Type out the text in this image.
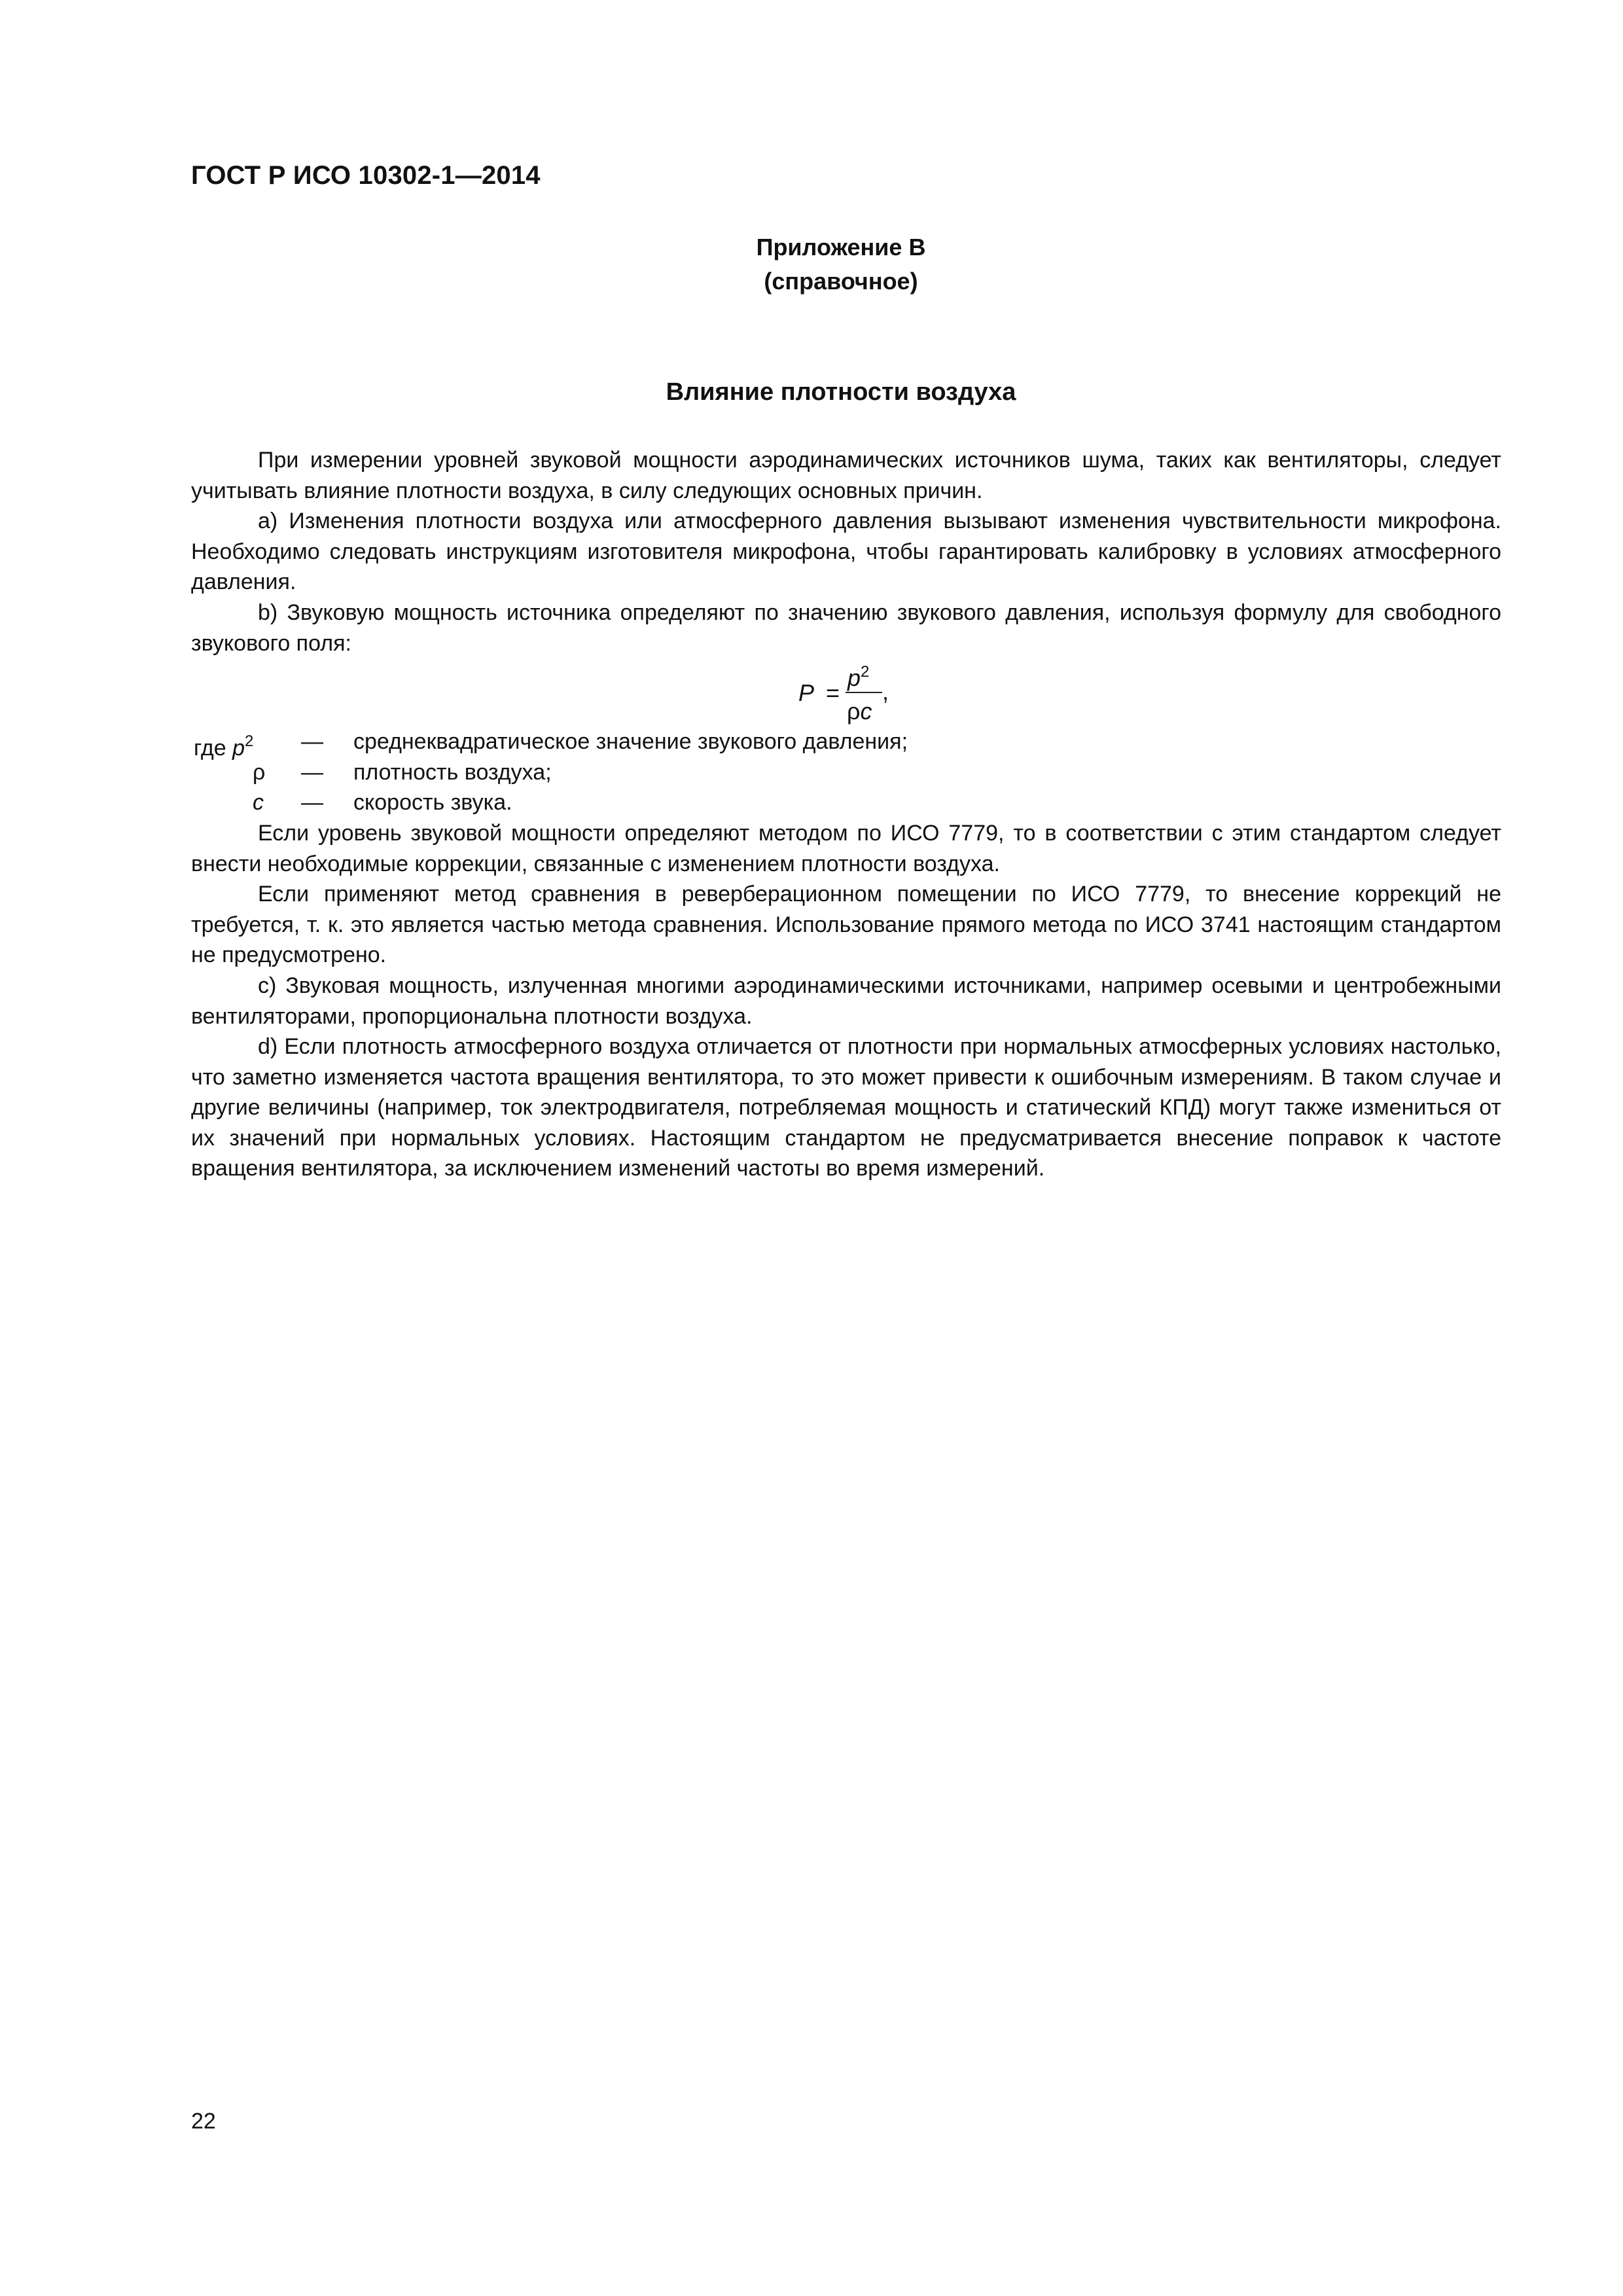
ГОСТ Р ИСО 10302-1—2014
Приложение В
(справочное)
Влияние плотности воздуха

При измерении уровней звуковой мощности аэродинамических источников шума, таких как вентиляторы, следует учитывать влияние плотности воздуха, в силу следующих основных причин.

а) Изменения плотности воздуха или атмосферного давления вызывают изменения чувствительности микрофона. Необходимо следовать инструкциям изготовителя микрофона, чтобы гарантировать калибровку в условиях атмосферного давления.

b) Звуковую мощность источника определяют по значению звукового давления, используя формулу для свободного звукового поля:

P =
$p^2$
ρc
,
где $p^2$ — среднеквадратическое значение звукового давления;
ρ — плотность воздуха;
c — скорость звука.

Если уровень звуковой мощности определяют методом по ИСО 7779, то в соответствии с этим стандартом следует внести необходимые коррекции, связанные с изменением плотности воздуха.

Если применяют метод сравнения в реверберационном помещении по ИСО 7779, то внесение коррекций не требуется, т. к. это является частью метода сравнения. Использование прямого метода по ИСО 3741 настоящим стандартом не предусмотрено.

с) Звуковая мощность, излученная многими аэродинамическими источниками, например осевыми и центробежными вентиляторами, пропорциональна плотности воздуха.

d) Если плотность атмосферного воздуха отличается от плотности при нормальных атмосферных условиях настолько, что заметно изменяется частота вращения вентилятора, то это может привести к ошибочным измерениям. В таком случае и другие величины (например, ток электродвигателя, потребляемая мощность и статический КПД) могут также измениться от их значений при нормальных условиях. Настоящим стандартом не предусматривается внесение поправок к частоте вращения вентилятора, за исключением изменений частоты во время измерений.

22
